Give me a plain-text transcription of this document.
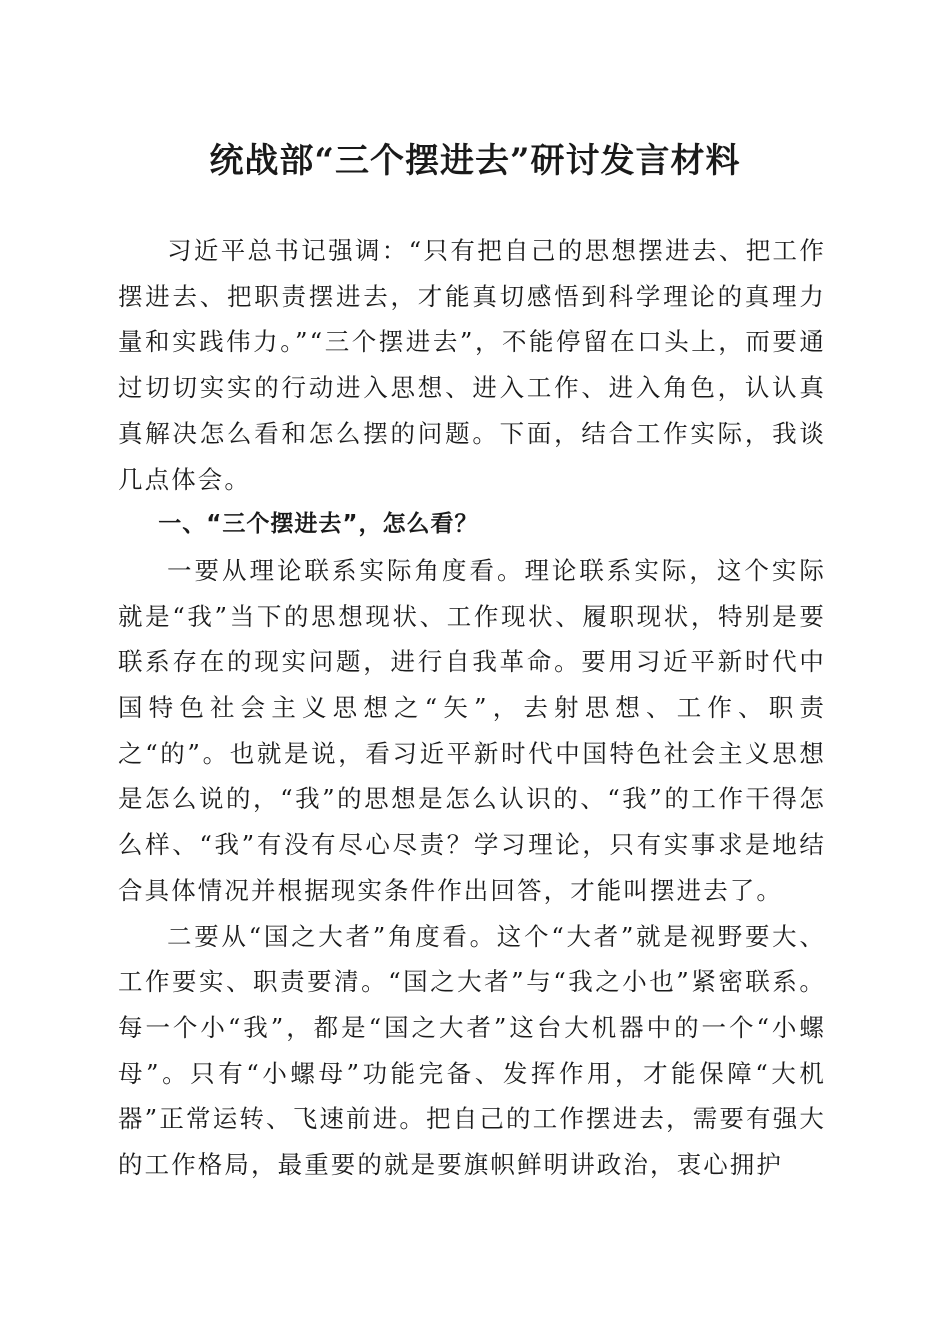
统战部“三个摆进去”研讨发言材料

习近平总书记强调：“只有把自己的思想摆进去、把工作摆进去、把职责摆进去，才能真切感悟到科学理论的真理力量和实践伟力。”“三个摆进去”，不能停留在口头上，而要通过切切实实的行动进入思想、进入工作、进入角色，认认真真解决怎么看和怎么摆的问题。下面，结合工作实际，我谈几点体会。

一、“三个摆进去”，怎么看？

一要从理论联系实际角度看。理论联系实际，这个实际就是“我”当下的思想现状、工作现状、履职现状，特别是要联系存在的现实问题，进行自我革命。要用习近平新时代中国特色社会主义思想之“矢”，去射思想、工作、职责之“的”。也就是说，看习近平新时代中国特色社会主义思想是怎么说的，“我”的思想是怎么认识的、“我”的工作干得怎么样、“我”有没有尽心尽责？学习理论，只有实事求是地结合具体情况并根据现实条件作出回答，才能叫摆进去了。

二要从“国之大者”角度看。这个“大者”就是视野要大、工作要实、职责要清。“国之大者”与“我之小也”紧密联系。每一个小“我”，都是“国之大者”这台大机器中的一个“小螺母”。只有“小螺母”功能完备、发挥作用，才能保障“大机器”正常运转、飞速前进。把自己的工作摆进去，需要有强大的工作格局，最重要的就是要旗帜鲜明讲政治，衷心拥护
